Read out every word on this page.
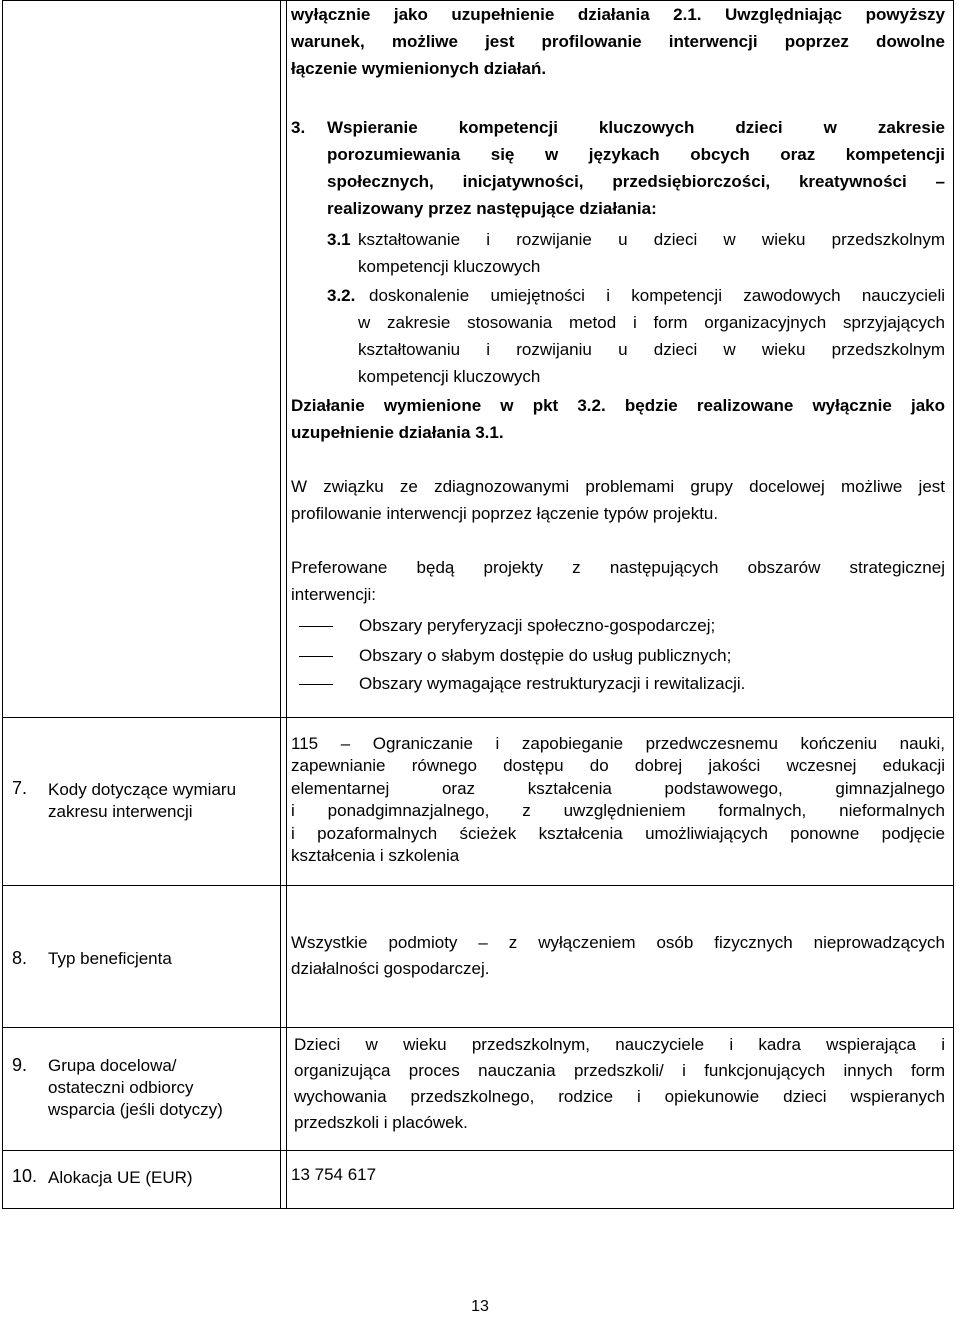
wyłącznie jako uzupełnienie działania 2.1. Uwzględniając powyższy
warunek, możliwe jest profilowanie interwencji poprzez dowolne
łączenie wymienionych działań.
3.	Wspieranie kompetencji kluczowych dzieci w zakresie
porozumiewania się w językach obcych oraz kompetencji
społecznych, inicjatywności, przedsiębiorczości, kreatywności –
realizowany przez następujące działania:
3.1 kształtowanie i rozwijanie u dzieci w wieku przedszkolnym
kompetencji kluczowych
3.2. doskonalenie umiejętności i kompetencji zawodowych nauczycieli
w zakresie stosowania metod i form organizacyjnych sprzyjających
kształtowaniu i rozwijaniu u dzieci w wieku przedszkolnym
kompetencji kluczowych
Działanie wymienione w pkt 3.2. będzie realizowane wyłącznie jako
uzupełnienie działania 3.1.
W związku ze zdiagnozowanymi problemami grupy docelowej możliwe jest
profilowanie interwencji poprzez łączenie typów projektu.
Preferowane będą projekty z następujących obszarów strategicznej
interwencji:
Obszary peryferyzacji społeczno-gospodarczej;
Obszary o słabym dostępie do usług publicznych;
Obszary wymagające restrukturyzacji i rewitalizacji.
7. Kody dotyczące wymiaru
zakresu interwencji
115 – Ograniczanie i zapobieganie przedwczesnemu kończeniu nauki,
zapewnianie równego dostępu do dobrej jakości wczesnej edukacji
elementarnej oraz kształcenia podstawowego, gimnazjalnego
i ponadgimnazjalnego, z uwzględnieniem formalnych, nieformalnych
i pozaformalnych ścieżek kształcenia umożliwiających ponowne podjęcie
kształcenia i szkolenia
8. Typ beneficjenta
Wszystkie podmioty – z wyłączeniem osób fizycznych nieprowadzących
działalności gospodarczej.
9. Grupa docelowa/
ostateczni odbiorcy
wsparcia (jeśli dotyczy)
Dzieci w wieku przedszkolnym, nauczyciele i kadra wspierająca i
organizująca proces nauczania przedszkoli/ i funkcjonujących innych form
wychowania przedszkolnego, rodzice i opiekunowie dzieci wspieranych
przedszkoli i placówek.
10. Alokacja UE (EUR)	13 754 617
13
